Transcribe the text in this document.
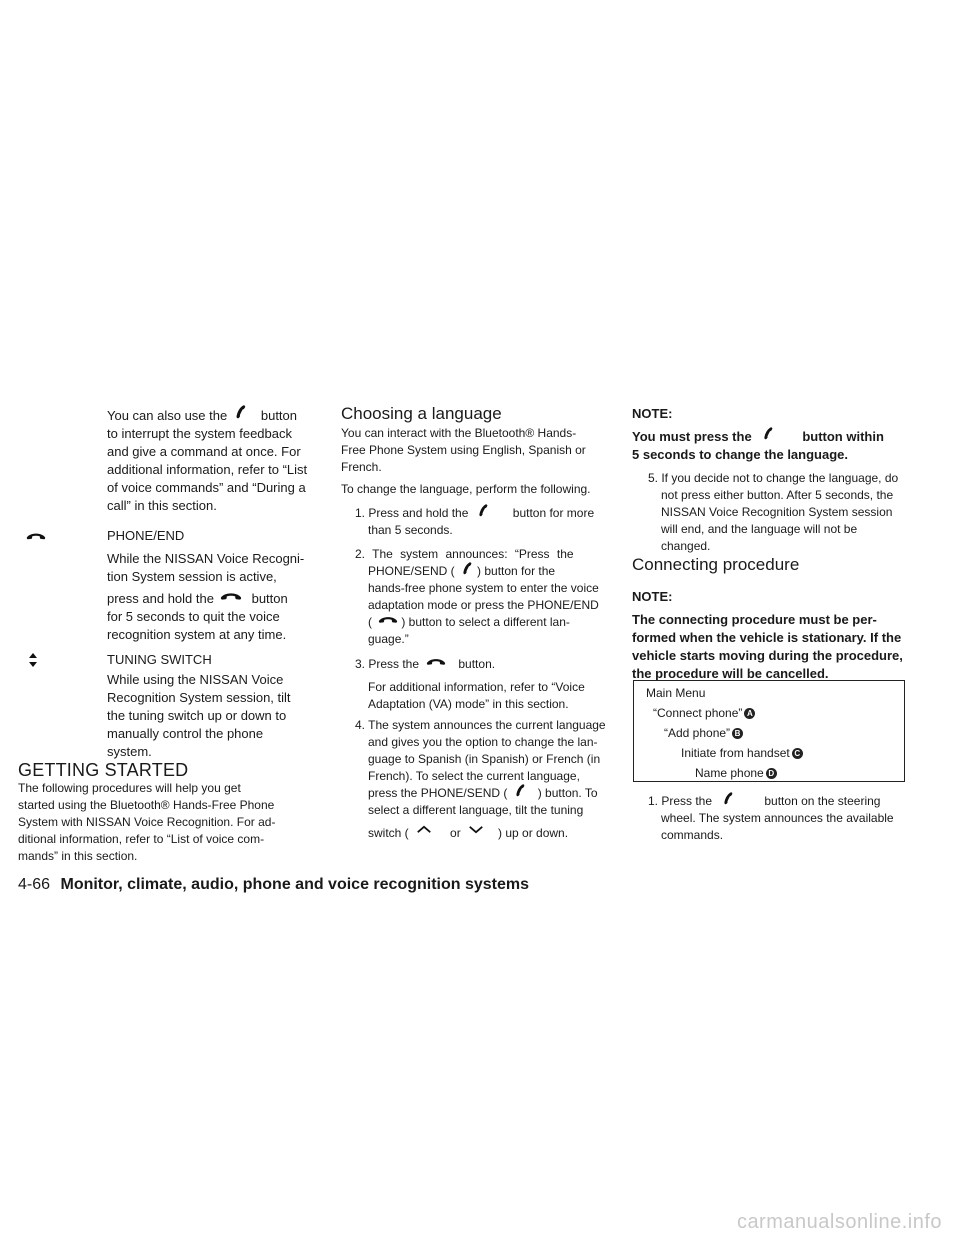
You can also use the	button
to interrupt the system feedback
and give a command at once. For
additional information, refer to “List
of voice commands” and “During a
call” in this section.
PHONE/END
While the NISSAN Voice Recogni-
tion System session is active,
press and hold the	button
for 5 seconds to quit the voice
recognition system at any time.
TUNING SWITCH
While using the NISSAN Voice
Recognition System session, tilt
the tuning switch up or down to
manually control the phone
system.
GETTING STARTED
The following procedures will help you get
started using the Bluetooth® Hands-Free Phone
System with NISSAN Voice Recognition. For ad-
ditional information, refer to “List of voice com-
mands” in this section.
Choosing a language
You can interact with the Bluetooth® Hands-
Free Phone System using English, Spanish or
French.
To change the language, perform the following.
1. Press and hold the	button for more
than 5 seconds.
2. The system announces: “Press the
PHONE/SEND ( ) button for the
hands-free phone system to enter the voice
adaptation mode or press the PHONE/END
( ) button to select a different lan-
guage.”
3. Press the	button.
For additional information, refer to “Voice
Adaptation (VA) mode” in this section.
4. The system announces the current language
and gives you the option to change the lan-
guage to Spanish (in Spanish) or French (in
French). To select the current language,
press the PHONE/SEND (	) button. To
select a different language, tilt the tuning
switch (	or	) up or down.
NOTE:
You must press the	button within
5 seconds to change the language.
5. If you decide not to change the language, do
not press either button. After 5 seconds, the
NISSAN Voice Recognition System session
will end, and the language will not be
changed.
Connecting procedure
NOTE:
The connecting procedure must be per-
formed when the vehicle is stationary. If the
vehicle starts moving during the procedure,
the procedure will be cancelled.
Main Menu
“Connect phone” A
“Add phone” B
Initiate from handset C
Name phone D
1. Press the	button on the steering
wheel. The system announces the available
commands.
4-66 Monitor, climate, audio, phone and voice recognition systems
carmanualsonline.info
